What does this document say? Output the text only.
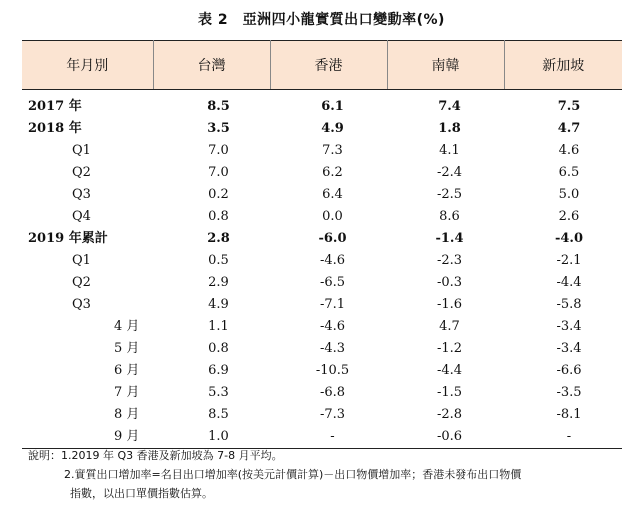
表 2　亞洲四小龍實質出口變動率(%)
年月別	台灣	香港	南韓	新加坡

2017 年	8.5	6.1	7.4	7.5
2018 年	3.5	4.9	1.8	4.7
Q1	7.0	7.3	4.1	4.6
Q2	7.0	6.2	-2.4	6.5
Q3	0.2	6.4	-2.5	5.0
Q4	0.8	0.0	8.6	2.6
2019 年累計	2.8	-6.0	-1.4	-4.0
Q1	0.5	-4.6	-2.3	-2.1
Q2	2.9	-6.5	-0.3	-4.4
Q3	4.9	-7.1	-1.6	-5.8
4 月	1.1	-4.6	4.7	-3.4
5 月	0.8	-4.3	-1.2	-3.4
6 月	6.9	-10.5	-4.4	-6.6
7 月	5.3	-6.8	-1.5	-3.5
8 月	8.5	-7.3	-2.8	-8.1
9 月	1.0	-	-0.6	-
說明：1.2019 年 Q3 香港及新加坡為 7-8 月平均。
2.實質出口增加率=名目出口增加率(按美元計價計算)－出口物價增加率；香港未發布出口物價
指數，以出口單價指數估算。
